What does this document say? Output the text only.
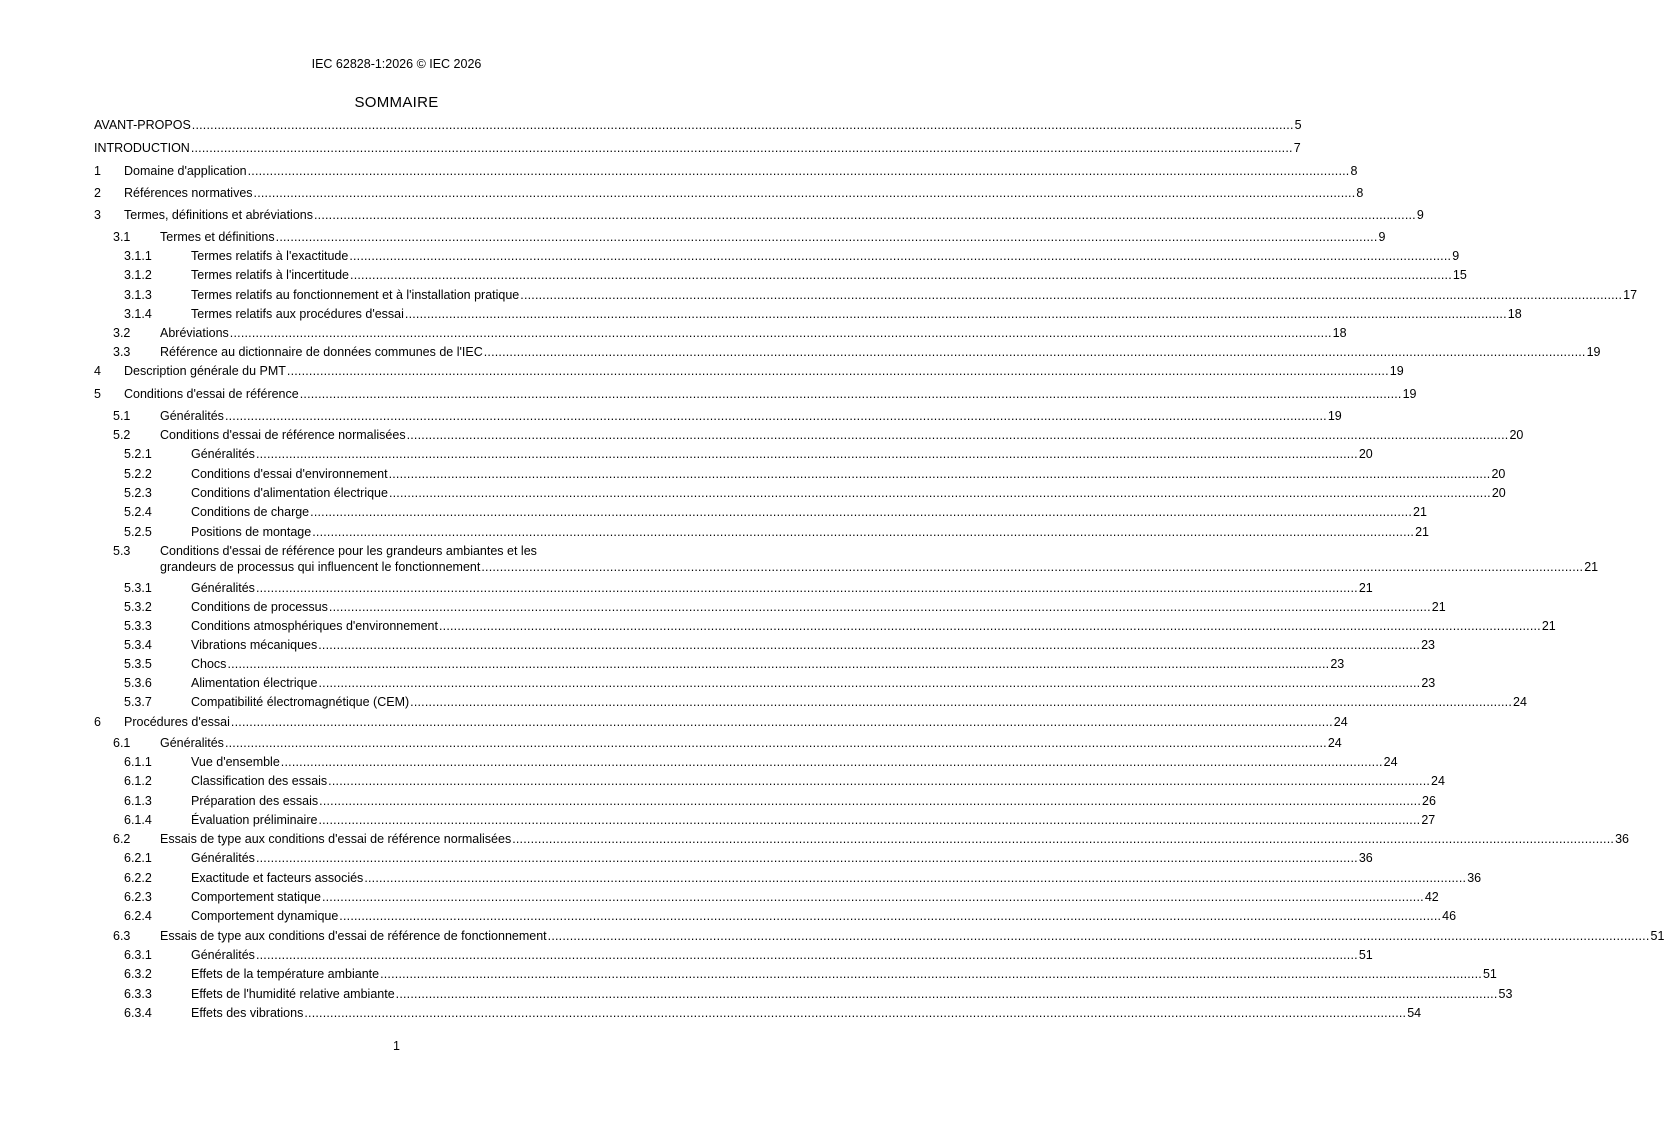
IEC 62828-1:2026 © IEC 2026
SOMMAIRE
AVANT-PROPOS ............................................................................................................................................................................................................................................................................................................ 5
INTRODUCTION ............................................................................................................................................................................................................................................................................................................ 7
1 Domaine d'application ............................................................................................................................................................................................................................................................................................................ 8
2 Références normatives ............................................................................................................................................................................................................................................................................................................ 8
3 Termes, définitions et abréviations ............................................................................................................................................................................................................................................................................................................ 9
3.1 Termes et définitions ............................................................................................................................................................................................................................................................................................................ 9
3.1.1	Termes relatifs à l'exactitude ............................................................................................................................................................................................................................................................................................................ 9
3.1.2	Termes relatifs à l'incertitude ............................................................................................................................................................................................................................................................................................................ 15
3.1.3	Termes relatifs au fonctionnement et à l'installation pratique ............................................................................................................................................................................................................................................................................................................ 17
3.1.4	Termes relatifs aux procédures d'essai ............................................................................................................................................................................................................................................................................................................ 18
3.2 Abréviations ............................................................................................................................................................................................................................................................................................................ 18
3.3 Référence au dictionnaire de données communes de l'IEC ............................................................................................................................................................................................................................................................................................................ 19
4 Description générale du PMT ............................................................................................................................................................................................................................................................................................................ 19
5 Conditions d'essai de référence ............................................................................................................................................................................................................................................................................................................ 19
5.1 Généralités ............................................................................................................................................................................................................................................................................................................ 19
5.2 Conditions d'essai de référence normalisées ............................................................................................................................................................................................................................................................................................................ 20
5.2.1	Généralités ............................................................................................................................................................................................................................................................................................................ 20
5.2.2	Conditions d'essai d'environnement ............................................................................................................................................................................................................................................................................................................ 20
5.2.3	Conditions d'alimentation électrique ............................................................................................................................................................................................................................................................................................................ 20
5.2.4	Conditions de charge ............................................................................................................................................................................................................................................................................................................ 21
5.2.5	Positions de montage ............................................................................................................................................................................................................................................................................................................ 21
5.3 Conditions d'essai de référence pour les grandeurs ambiantes et les
grandeurs de processus qui influencent le fonctionnement ............................................................................................................................................................................................................................................................................................................ 21
5.3.1	Généralités ............................................................................................................................................................................................................................................................................................................ 21
5.3.2	Conditions de processus ............................................................................................................................................................................................................................................................................................................ 21
5.3.3	Conditions atmosphériques d'environnement ............................................................................................................................................................................................................................................................................................................ 21
5.3.4	Vibrations mécaniques ............................................................................................................................................................................................................................................................................................................ 23
5.3.5	Chocs ............................................................................................................................................................................................................................................................................................................ 23
5.3.6	Alimentation électrique ............................................................................................................................................................................................................................................................................................................ 23
5.3.7	Compatibilité électromagnétique (CEM) ............................................................................................................................................................................................................................................................................................................ 24
6 Procédures d'essai ............................................................................................................................................................................................................................................................................................................ 24
6.1 Généralités ............................................................................................................................................................................................................................................................................................................ 24
6.1.1	Vue d'ensemble ............................................................................................................................................................................................................................................................................................................ 24
6.1.2	Classification des essais ............................................................................................................................................................................................................................................................................................................ 24
6.1.3	Préparation des essais ............................................................................................................................................................................................................................................................................................................ 26
6.1.4	Évaluation préliminaire ............................................................................................................................................................................................................................................................................................................ 27
6.2 Essais de type aux conditions d'essai de référence normalisées ............................................................................................................................................................................................................................................................................................................ 36
6.2.1	Généralités ............................................................................................................................................................................................................................................................................................................ 36
6.2.2	Exactitude et facteurs associés ............................................................................................................................................................................................................................................................................................................ 36
6.2.3	Comportement statique ............................................................................................................................................................................................................................................................................................................ 42
6.2.4	Comportement dynamique ............................................................................................................................................................................................................................................................................................................ 46
6.3 Essais de type aux conditions d'essai de référence de fonctionnement ............................................................................................................................................................................................................................................................................................................ 51
6.3.1	Généralités ............................................................................................................................................................................................................................................................................................................ 51
6.3.2	Effets de la température ambiante ............................................................................................................................................................................................................................................................................................................ 51
6.3.3	Effets de l'humidité relative ambiante ............................................................................................................................................................................................................................................................................................................ 53
6.3.4	Effets des vibrations ............................................................................................................................................................................................................................................................................................................ 54
1
